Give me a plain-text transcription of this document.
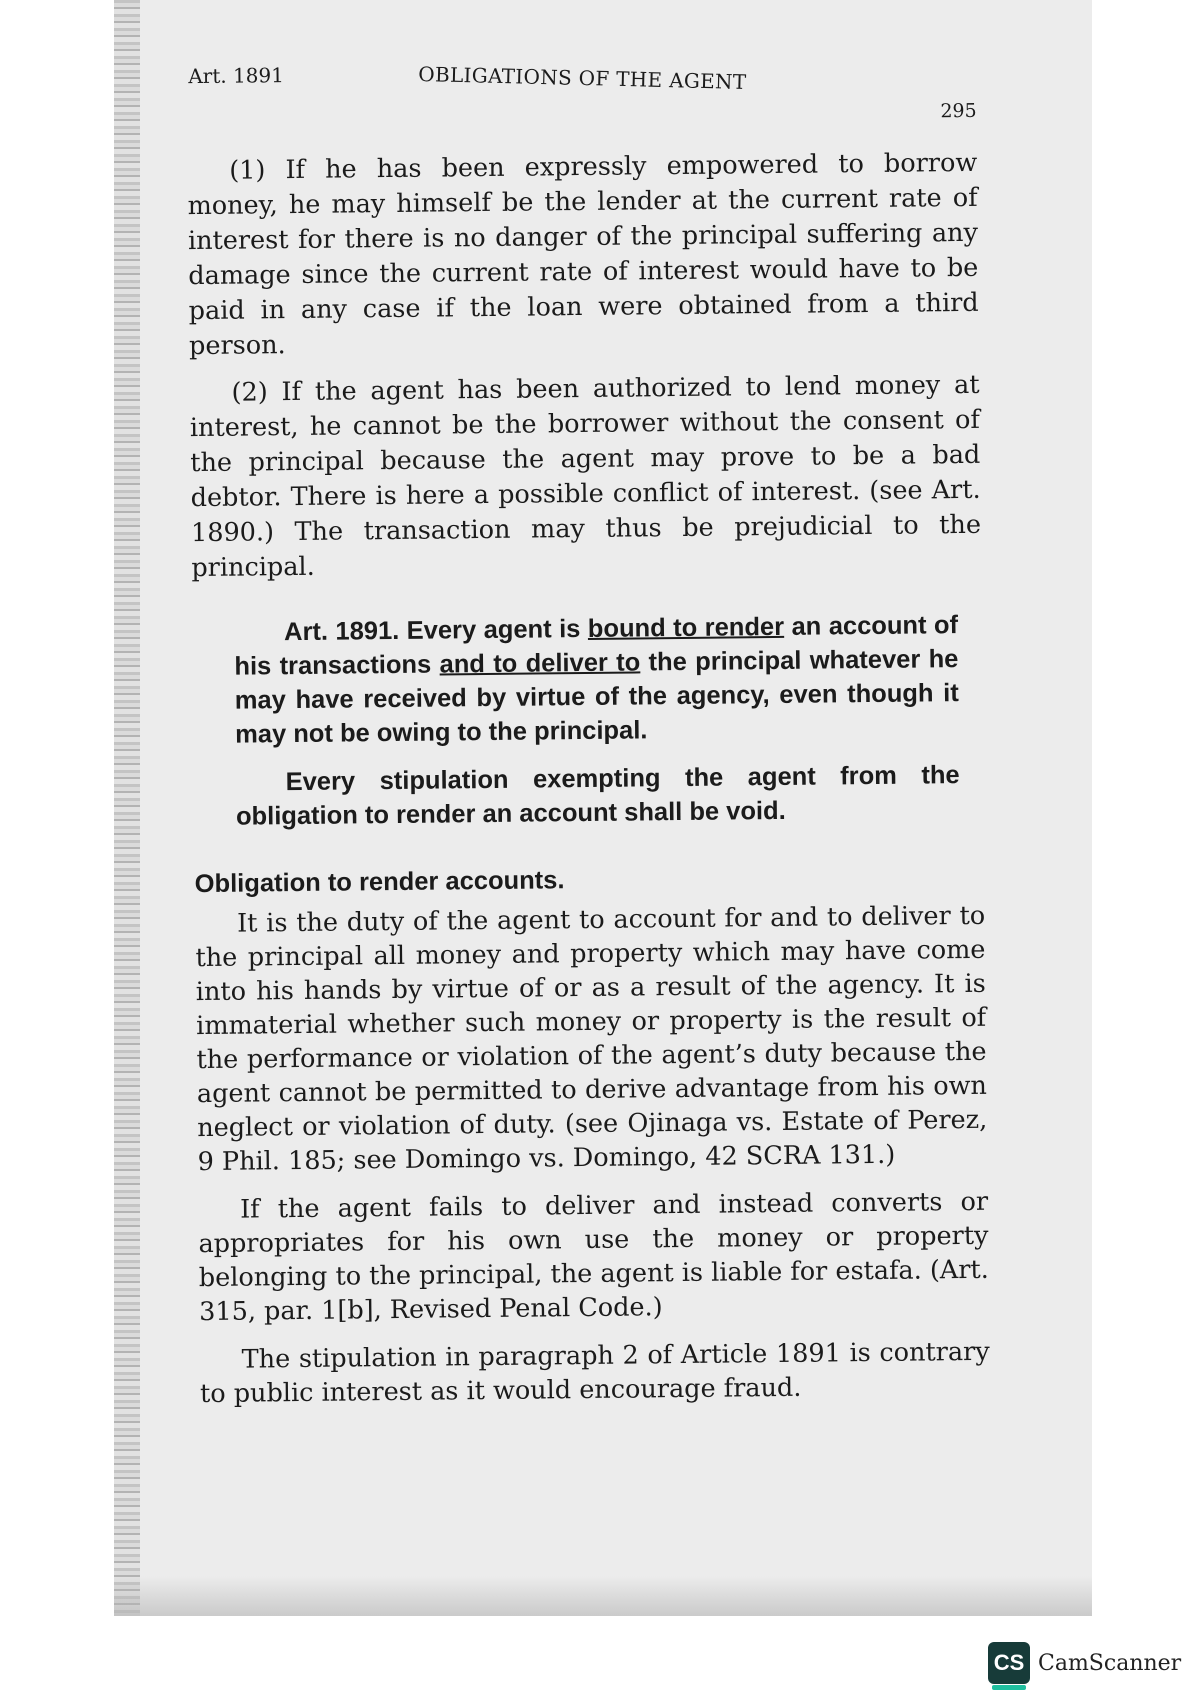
Art. 1891	OBLIGATIONS OF THE AGENT
295

(1) If he has been expressly empowered to borrow money, he may himself be the lender at the current rate of interest for there is no danger of the principal suffering any damage since the current rate of interest would have to be paid in any case if the loan were obtained from a third person.

(2) If the agent has been authorized to lend money at interest, he cannot be the borrower without the consent of the principal because the agent may prove to be a bad debtor. There is here a possible conflict of interest. (see Art. 1890.) The transaction may thus be prejudicial to the principal.

Art. 1891. Every agent is bound to render an account of his transactions and to deliver to the principal whatever he may have received by virtue of the agency, even though it may not be owing to the principal.

Every stipulation exempting the agent from the obligation to render an account shall be void.

Obligation to render accounts.

It is the duty of the agent to account for and to deliver to the principal all money and property which may have come into his hands by virtue of or as a result of the agency. It is immaterial whether such money or property is the result of the performance or violation of the agent’s duty because the agent cannot be permitted to derive advantage from his own neglect or violation of duty. (see Ojinaga vs. Estate of Perez, 9 Phil. 185; see Domingo vs. Domingo, 42 SCRA 131.)

If the agent fails to deliver and instead converts or appropriates for his own use the money or property belonging to the principal, the agent is liable for estafa. (Art. 315, par. 1[b], Revised Penal Code.)

The stipulation in paragraph 2 of Article 1891 is contrary to public interest as it would encourage fraud.

CS CamScanner
